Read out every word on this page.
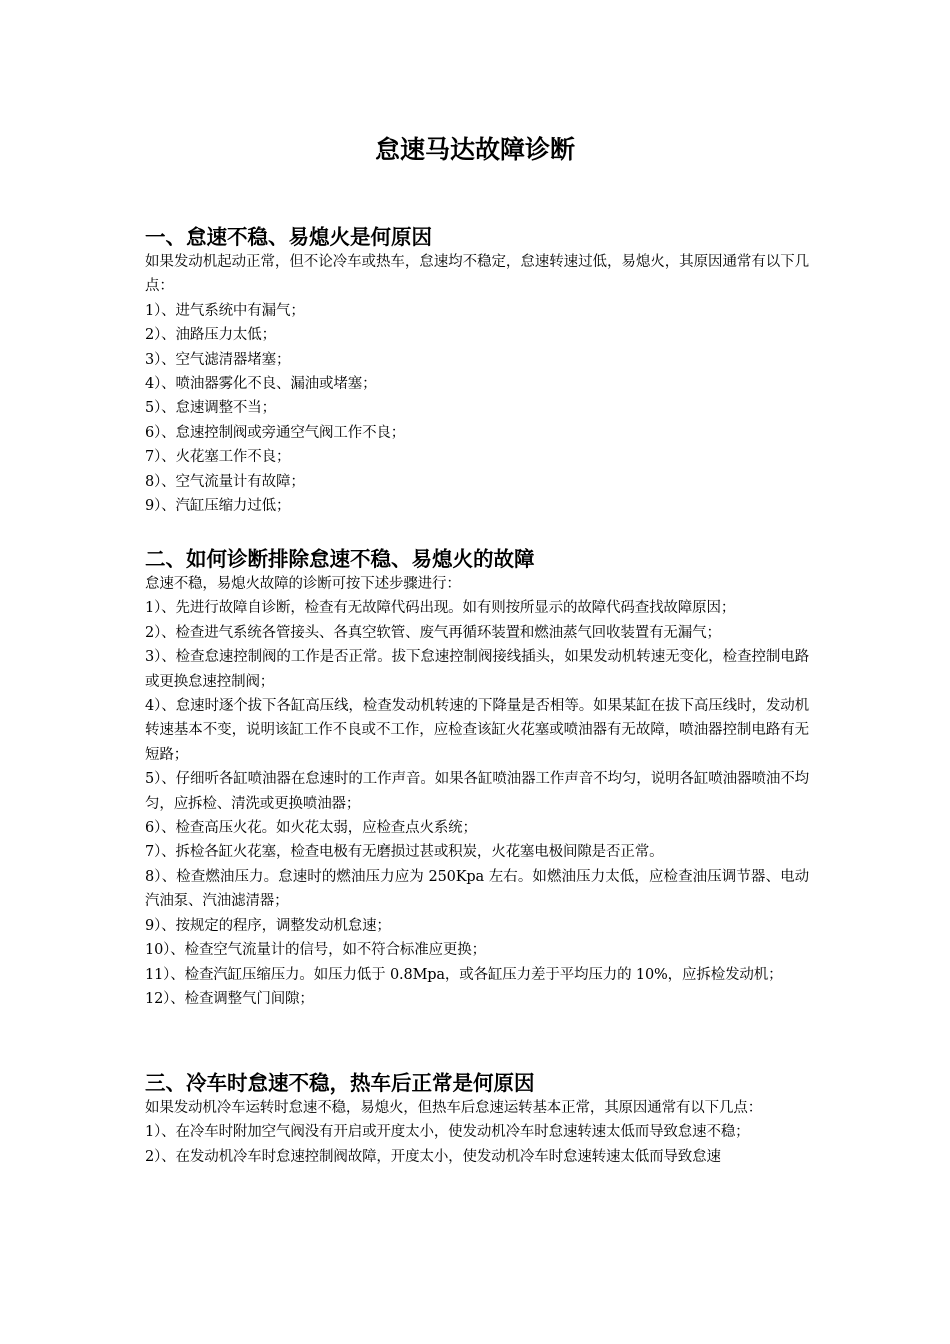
怠速马达故障诊断
一、怠速不稳、易熄火是何原因

如果发动机起动正常，但不论冷车或热车，怠速均不稳定，怠速转速过低，易熄火，其原因通常有以下几点：

1）、进气系统中有漏气；

2）、油路压力太低；

3）、空气滤清器堵塞；

4）、喷油器雾化不良、漏油或堵塞；

5）、怠速调整不当；

6）、怠速控制阀或旁通空气阀工作不良；

7）、火花塞工作不良；

8）、空气流量计有故障；

9）、汽缸压缩力过低；

二、如何诊断排除怠速不稳、易熄火的故障

怠速不稳，易熄火故障的诊断可按下述步骤进行：

1）、先进行故障自诊断，检查有无故障代码出现。如有则按所显示的故障代码查找故障原因；

2）、检查进气系统各管接头、各真空软管、废气再循环装置和燃油蒸气回收装置有无漏气；

3）、检查怠速控制阀的工作是否正常。拔下怠速控制阀接线插头，如果发动机转速无变化，检查控制电路或更换怠速控制阀；

4）、怠速时逐个拔下各缸高压线，检查发动机转速的下降量是否相等。如果某缸在拔下高压线时，发动机转速基本不变，说明该缸工作不良或不工作，应检查该缸火花塞或喷油器有无故障，喷油器控制电路有无短路；

5）、仔细听各缸喷油器在怠速时的工作声音。如果各缸喷油器工作声音不均匀，说明各缸喷油器喷油不均匀，应拆检、清洗或更换喷油器；

6）、检查高压火花。如火花太弱，应检查点火系统；

7）、拆检各缸火花塞，检查电极有无磨损过甚或积炭，火花塞电极间隙是否正常。

8）、检查燃油压力。怠速时的燃油压力应为 250Kpa 左右。如燃油压力太低，应检查油压调节器、电动汽油泵、汽油滤清器；

9）、按规定的程序，调整发动机怠速；

10）、检查空气流量计的信号，如不符合标准应更换；

11）、检查汽缸压缩压力。如压力低于 0.8Mpa，或各缸压力差于平均压力的 10%，应拆检发动机；

12）、检查调整气门间隙；

三、冷车时怠速不稳，热车后正常是何原因

如果发动机冷车运转时怠速不稳，易熄火，但热车后怠速运转基本正常，其原因通常有以下几点：

1）、在冷车时附加空气阀没有开启或开度太小，使发动机冷车时怠速转速太低而导致怠速不稳；

2）、在发动机冷车时怠速控制阀故障，开度太小，使发动机冷车时怠速转速太低而导致怠速
